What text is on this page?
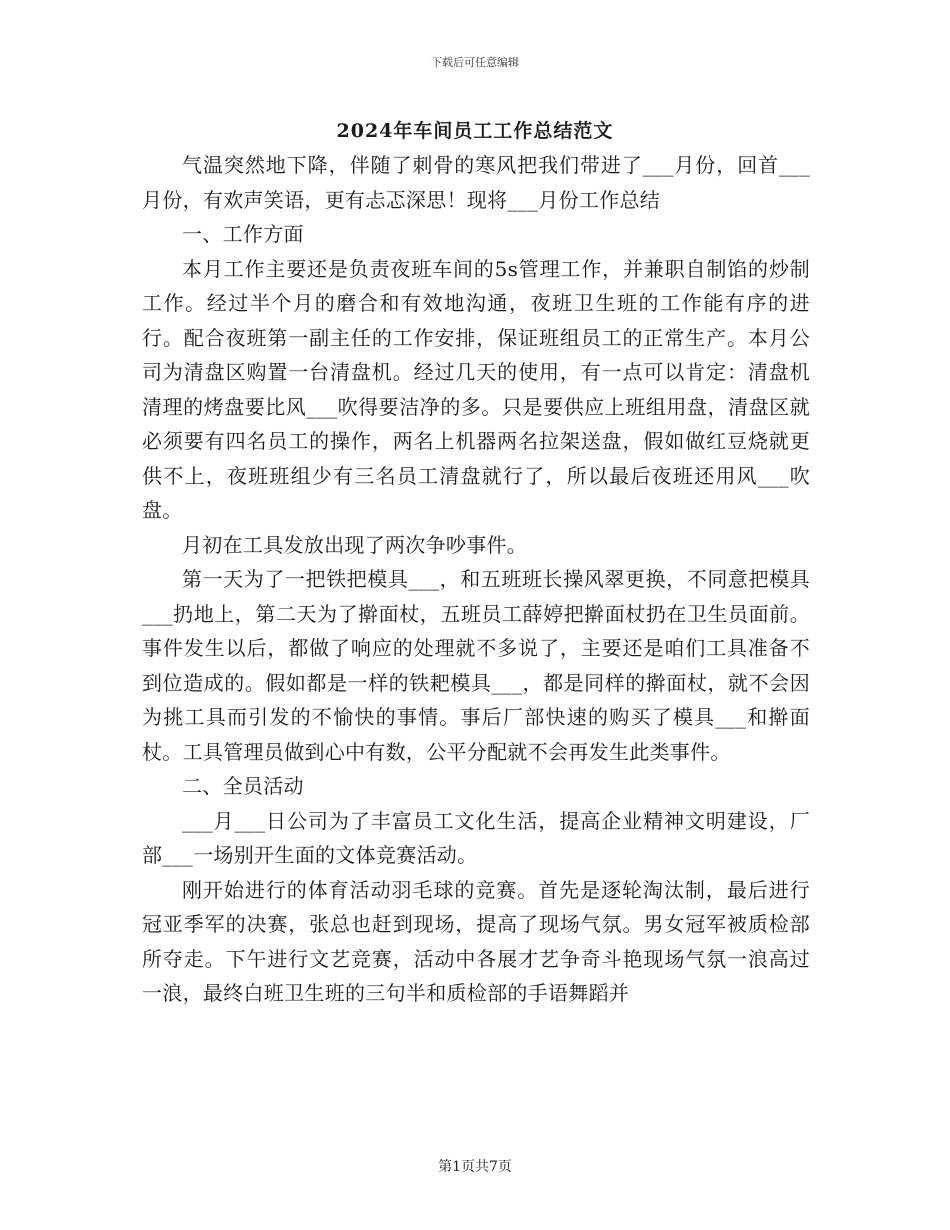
下载后可任意编辑
2024年车间员工工作总结范文

气温突然地下降，伴随了刺骨的寒风把我们带进了___月份，回首___月份，有欢声笑语，更有忐忑深思！现将___月份工作总结

一、工作方面

本月工作主要还是负责夜班车间的5s管理工作，并兼职自制馅的炒制工作。经过半个月的磨合和有效地沟通，夜班卫生班的工作能有序的进行。配合夜班第一副主任的工作安排，保证班组员工的正常生产。本月公司为清盘区购置一台清盘机。经过几天的使用，有一点可以肯定：清盘机清理的烤盘要比风___吹得要洁净的多。只是要供应上班组用盘，清盘区就必须要有四名员工的操作，两名上机器两名拉架送盘，假如做红豆烧就更供不上，夜班班组少有三名员工清盘就行了，所以最后夜班还用风___吹盘。

月初在工具发放出现了两次争吵事件。

第一天为了一把铁把模具___，和五班班长操风翠更换，不同意把模具___扔地上，第二天为了擀面杖，五班员工薛婷把擀面杖扔在卫生员面前。事件发生以后，都做了响应的处理就不多说了，主要还是咱们工具准备不到位造成的。假如都是一样的铁耙模具___，都是同样的擀面杖，就不会因为挑工具而引发的不愉快的事情。事后厂部快速的购买了模具___和擀面杖。工具管理员做到心中有数，公平分配就不会再发生此类事件。

二、全员活动

___月___日公司为了丰富员工文化生活，提高企业精神文明建设，厂部___一场别开生面的文体竞赛活动。

刚开始进行的体育活动羽毛球的竞赛。首先是逐轮淘汰制，最后进行冠亚季军的决赛，张总也赶到现场，提高了现场气氛。男女冠军被质检部所夺走。下午进行文艺竞赛，活动中各展才艺争奇斗艳现场气氛一浪高过一浪，最终白班卫生班的三句半和质检部的手语舞蹈并

第1页共7页
